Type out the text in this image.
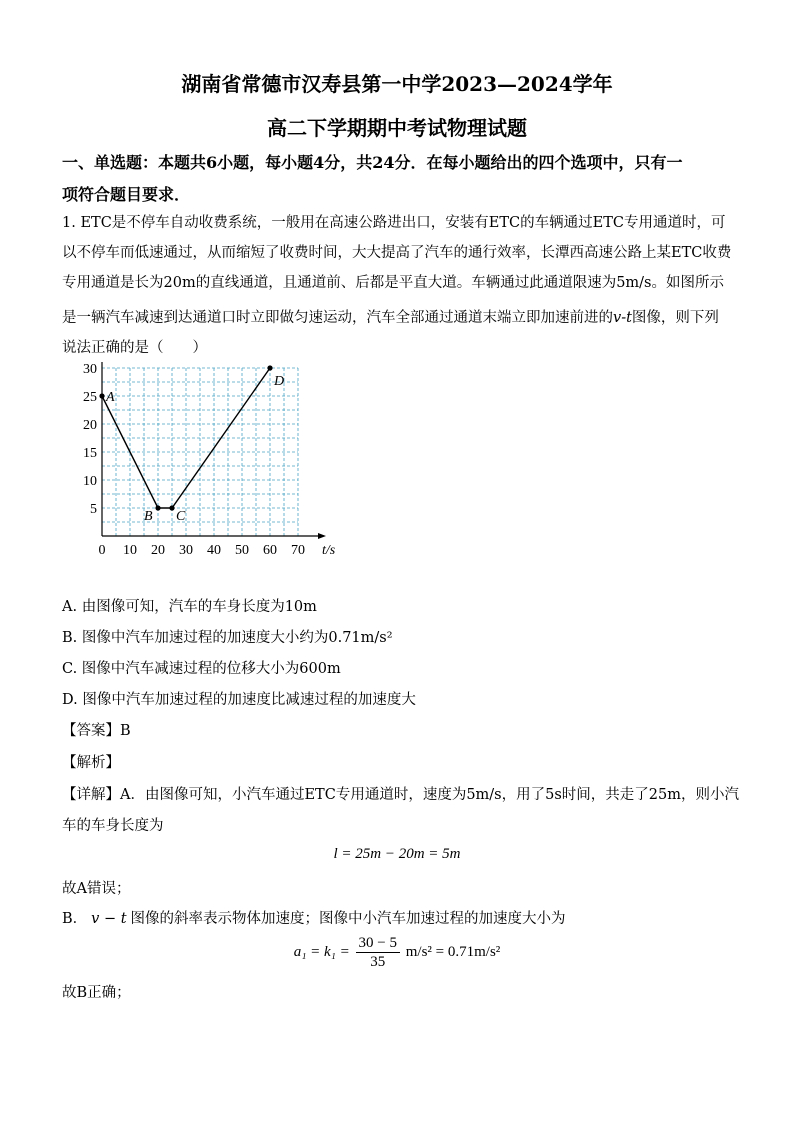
湖南省常德市汉寿县第一中学2023—2024学年
高二下学期期中考试物理试题
一、单选题：本题共6小题，每小题4分，共24分．在每小题给出的四个选项中，只有一
项符合题目要求．
1. ETC是不停车自动收费系统，一般用在高速公路进出口，安装有ETC的车辆通过ETC专用通道时，可
以不停车而低速通过，从而缩短了收费时间，大大提高了汽车的通行效率，长潭西高速公路上某ETC收费
专用通道是长为20m的直线通道，且通道前、后都是平直大道。车辆通过此通道限速为5m/s。如图所示
是一辆汽车减速到达通道口时立即做匀速运动，汽车全部通过通道末端立即加速前进的v-t图像，则下列
说法正确的是（　　）
0 10 20 30 40 50 60 70
5
10
15
20
25
30
A
B C
D
t/s
A. 由图像可知，汽车的车身长度为10m
B. 图像中汽车加速过程的加速度大小约为0.71m/s²
C. 图像中汽车减速过程的位移大小为600m
D. 图像中汽车加速过程的加速度比减速过程的加速度大
【答案】B
【解析】
【详解】A．由图像可知，小汽车通过ETC专用通道时，速度为5m/s，用了5s时间，共走了25m，则小汽
车的车身长度为
l = 25m − 20m = 5m
故A错误；
B． v − t 图像的斜率表示物体加速度；图像中小汽车加速过程的加速度大小为
$a_1 = k_1 = \frac{30 - 5}{35} m/s^2 = 0.71m/s^2$
故B正确；
